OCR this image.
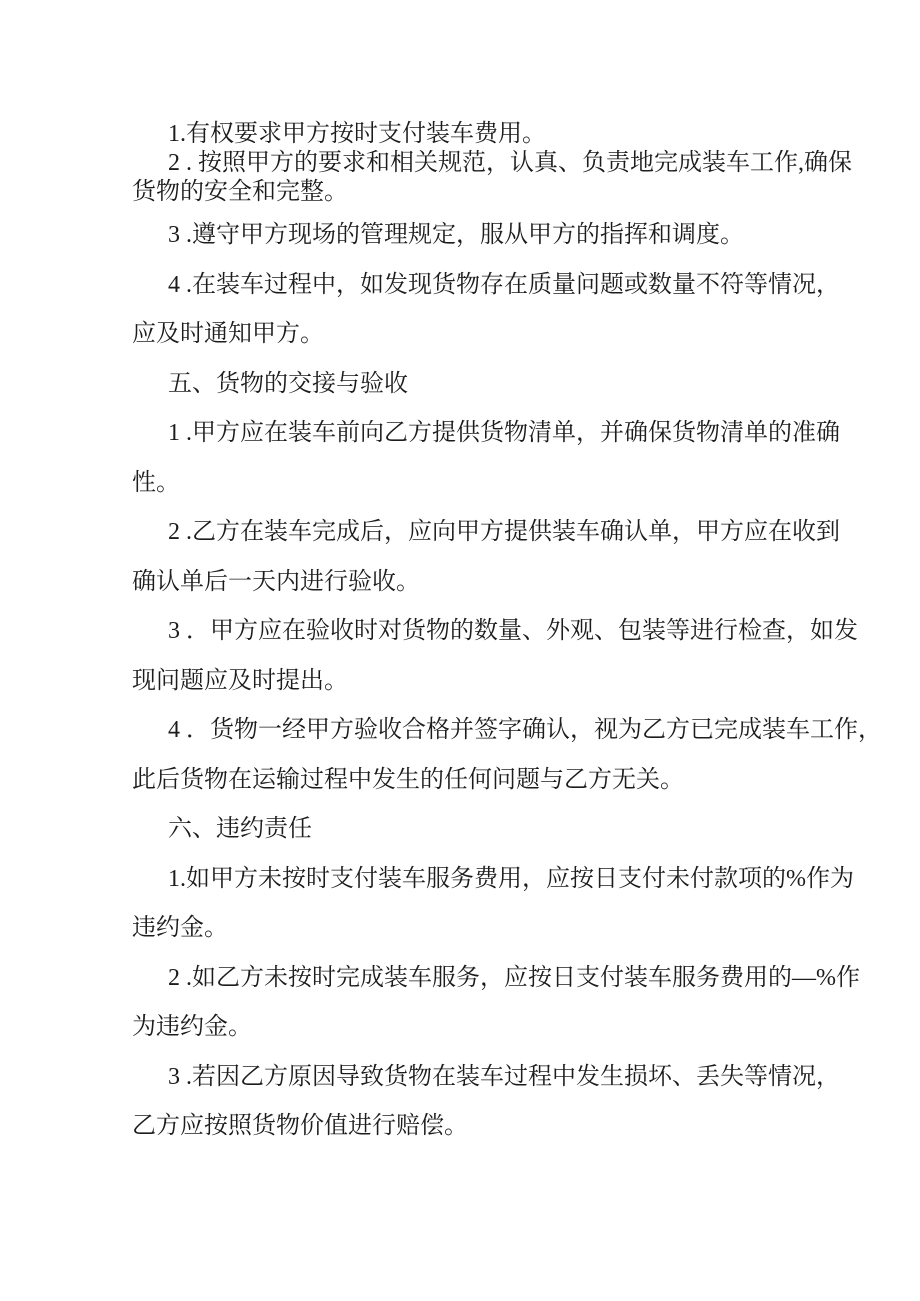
1.有权要求甲方按时支付装车费用。
2 . 按照甲方的要求和相关规范，认真、负责地完成装车工作,确保
货物的安全和完整。
3 .遵守甲方现场的管理规定，服从甲方的指挥和调度。
4 .在装车过程中，如发现货物存在质量问题或数量不符等情况，
应及时通知甲方。
五、货物的交接与验收
1 .甲方应在装车前向乙方提供货物清单，并确保货物清单的准确
性。
2 .乙方在装车完成后，应向甲方提供装车确认单，甲方应在收到
确认单后一天内进行验收。
3 ．甲方应在验收时对货物的数量、外观、包装等进行检查，如发
现问题应及时提出。
4 ．货物一经甲方验收合格并签字确认，视为乙方已完成装车工作，
此后货物在运输过程中发生的任何问题与乙方无关。
六、违约责任
1.如甲方未按时支付装车服务费用，应按日支付未付款项的%作为
违约金。
2 .如乙方未按时完成装车服务，应按日支付装车服务费用的—%作
为违约金。
3 .若因乙方原因导致货物在装车过程中发生损坏、丢失等情况，
乙方应按照货物价值进行赔偿。
